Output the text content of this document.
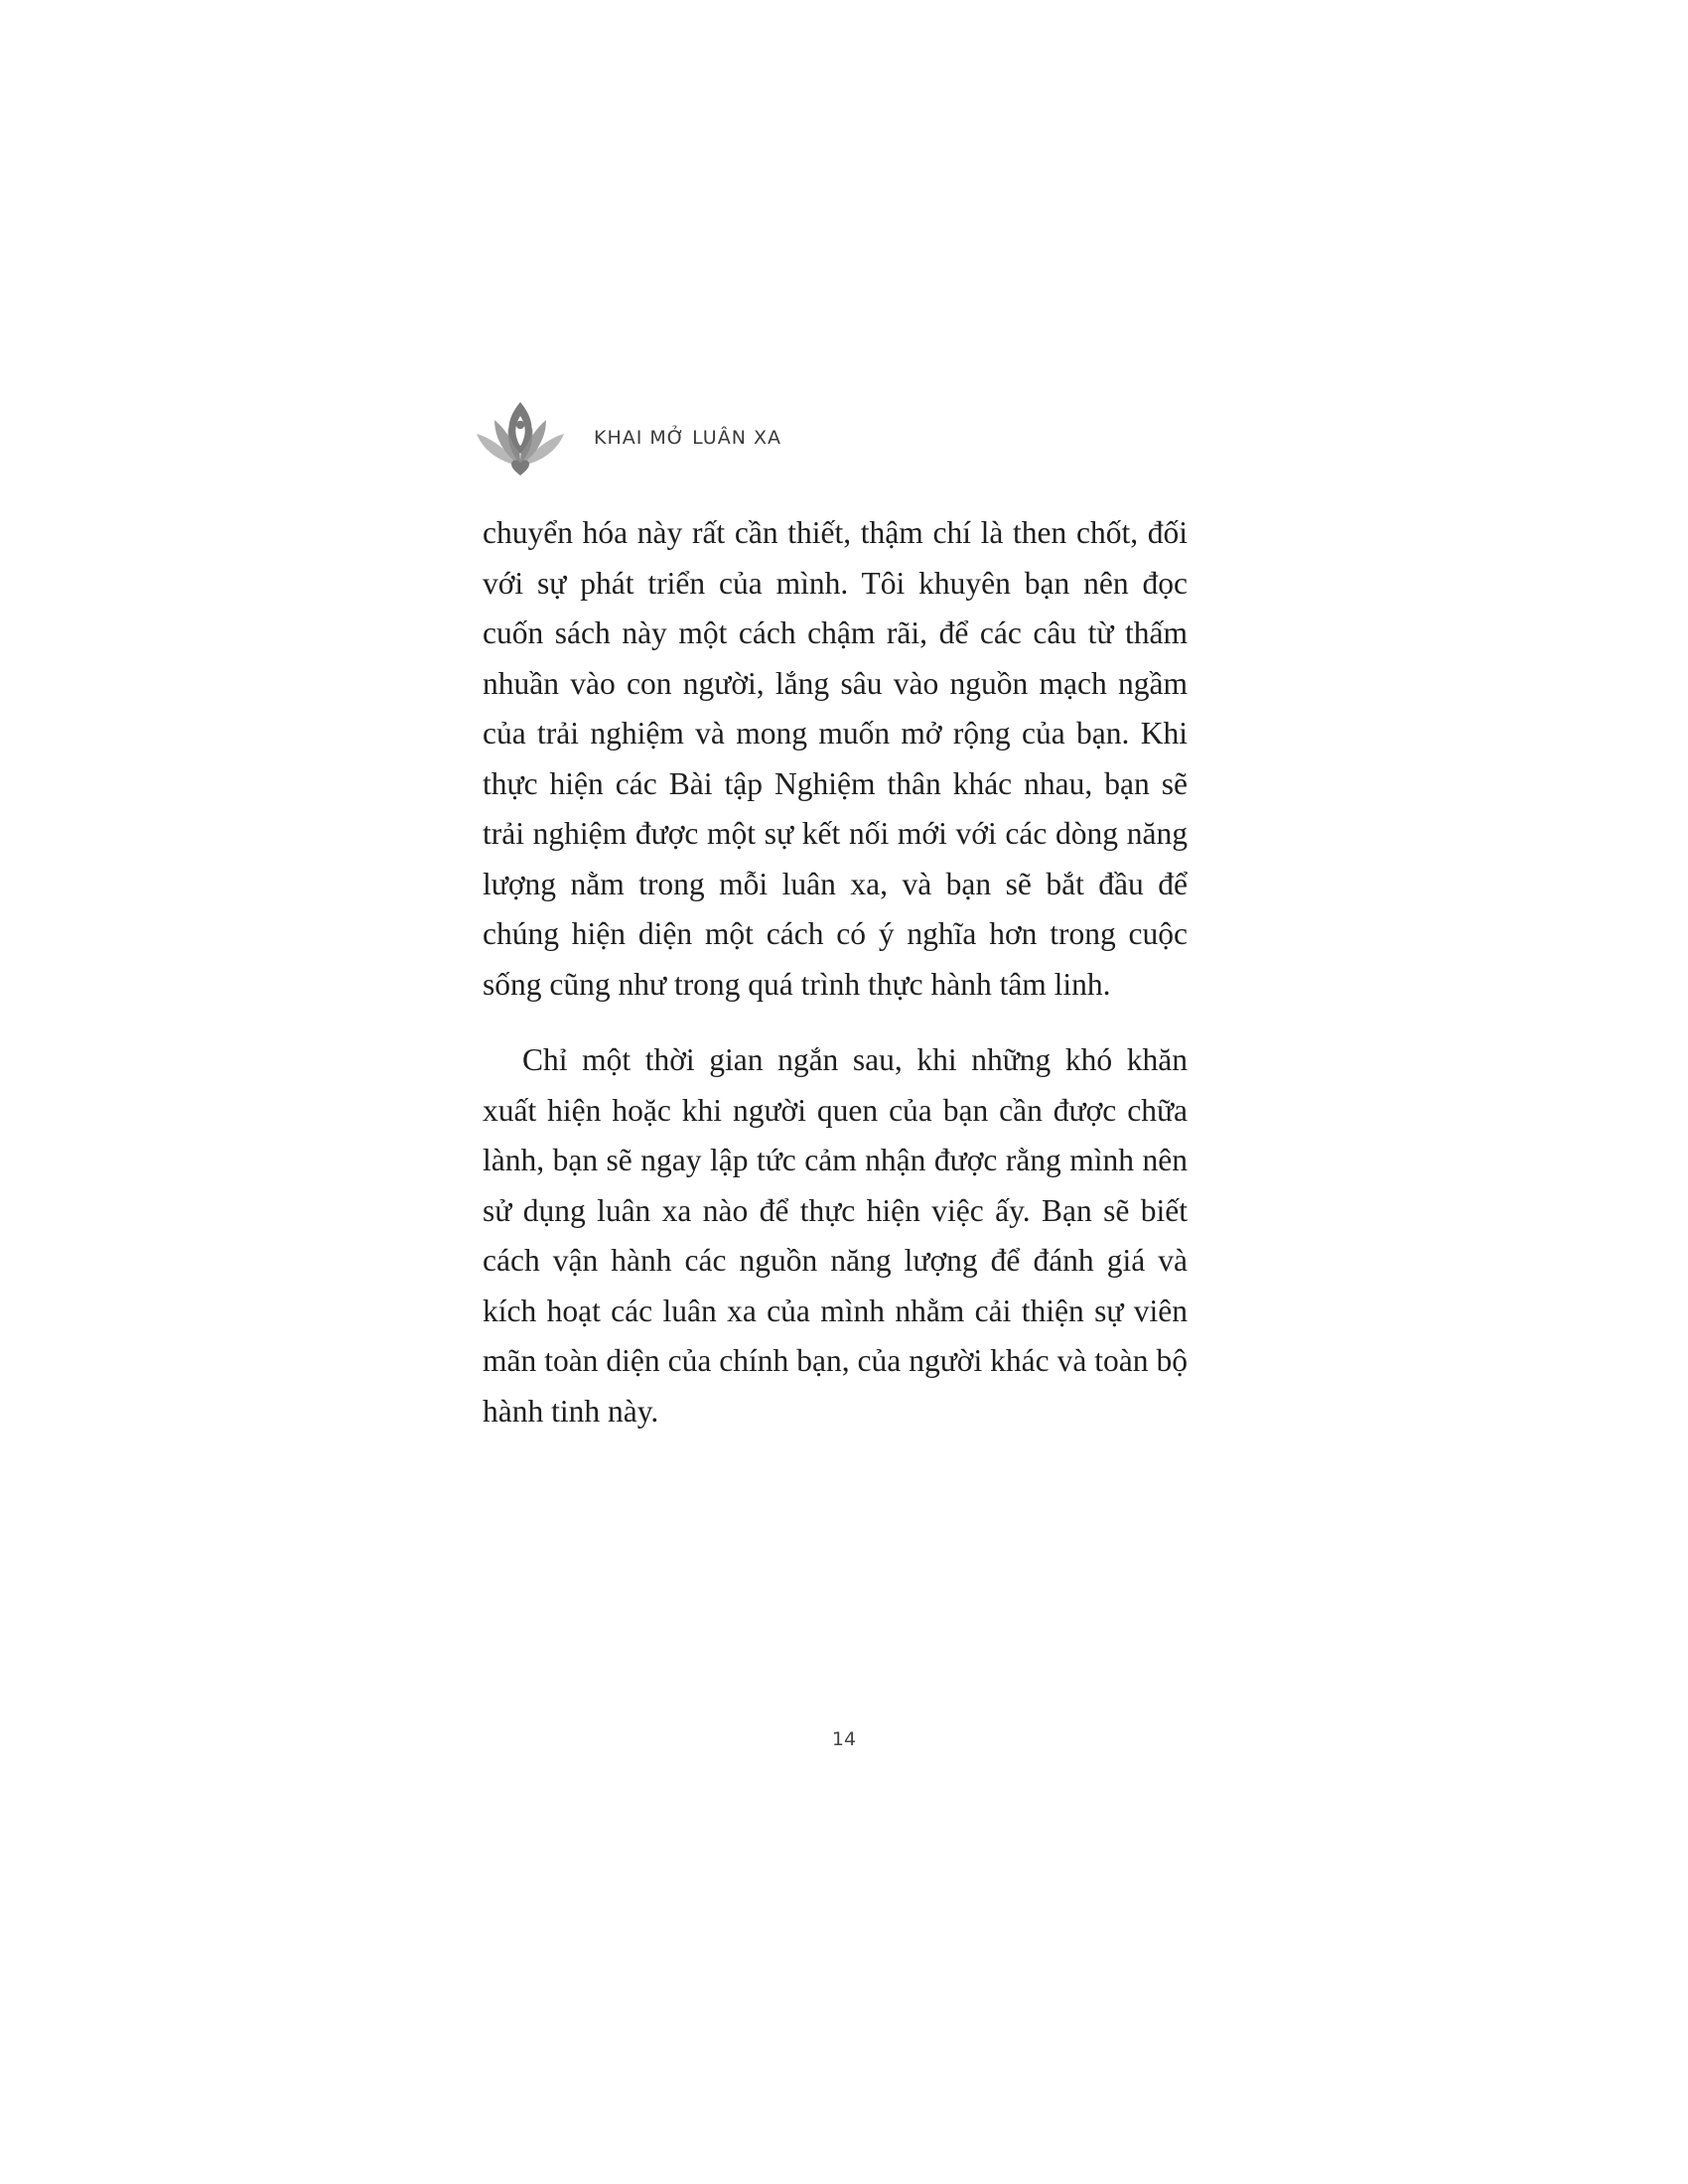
KHAI MỞ LUÂN XA

chuyển hóa này rất cần thiết, thậm chí là then chốt, đối với sự phát triển của mình. Tôi khuyên bạn nên đọc cuốn sách này một cách chậm rãi, để các câu từ thấm nhuần vào con người, lắng sâu vào nguồn mạch ngầm của trải nghiệm và mong muốn mở rộng của bạn. Khi thực hiện các Bài tập Nghiệm thân khác nhau, bạn sẽ trải nghiệm được một sự kết nối mới với các dòng năng lượng nằm trong mỗi luân xa, và bạn sẽ bắt đầu để chúng hiện diện một cách có ý nghĩa hơn trong cuộc sống cũng như trong quá trình thực hành tâm linh.

Chỉ một thời gian ngắn sau, khi những khó khăn xuất hiện hoặc khi người quen của bạn cần được chữa lành, bạn sẽ ngay lập tức cảm nhận được rằng mình nên sử dụng luân xa nào để thực hiện việc ấy. Bạn sẽ biết cách vận hành các nguồn năng lượng để đánh giá và kích hoạt các luân xa của mình nhằm cải thiện sự viên mãn toàn diện của chính bạn, của người khác và toàn bộ hành tinh này.

14
